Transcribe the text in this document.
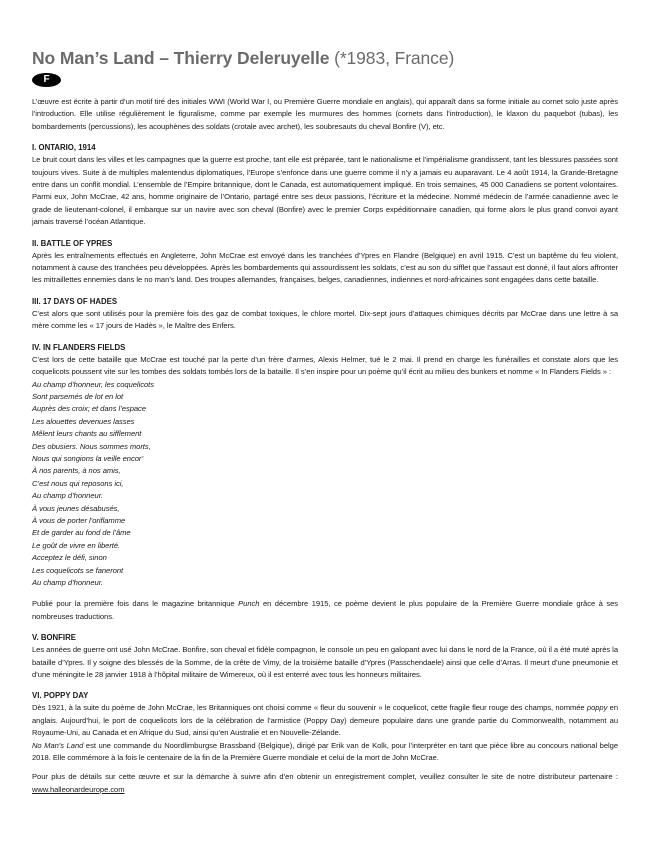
No Man’s Land – Thierry Deleruyelle (*1983, France)
F

L’œuvre est écrite à partir d’un motif tiré des initiales WWI (World War I, ou Première Guerre mondiale en anglais), qui apparaît dans sa forme initiale au cornet solo juste après l’introduction. Elle utilise régulièrement le figuralisme, comme par exemple les murmures des hommes (cornets dans l’introduction), le klaxon du paquebot (tubas), les bombardements (percussions), les acouphènes des soldats (crotale avec archet), les soubresauts du cheval Bonfire (V), etc.

I. ONTARIO, 1914

Le bruit court dans les villes et les campagnes que la guerre est proche, tant elle est préparée, tant le nationalisme et l’impérialisme grandissent, tant les blessures passées sont toujours vives. Suite à de multiples malentendus diplomatiques, l’Europe s’enfonce dans une guerre comme il n’y a jamais eu auparavant. Le 4 août 1914, la Grande-Bretagne entre dans un conflit mondial. L’ensemble de l’Empire britannique, dont le Canada, est automatiquement impliqué. En trois semaines, 45 000 Canadiens se portent volontaires. Parmi eux, John McCrae, 42 ans, homme originaire de l’Ontario, partagé entre ses deux passions, l’écriture et la médecine. Nommé médecin de l’armée canadienne avec le grade de lieutenant-colonel, il embarque sur un navire avec son cheval (Bonfire) avec le premier Corps expéditionnaire canadien, qui forme alors le plus grand convoi ayant jamais traversé l’océan Atlantique.

II. BATTLE OF YPRES

Après les entraînements effectués en Angleterre, John McCrae est envoyé dans les tranchées d’Ypres en Flandre (Belgique) en avril 1915. C’est un baptême du feu violent, notamment à cause des tranchées peu développées. Après les bombardements qui assourdissent les soldats, c’est au son du sifflet que l’assaut est donné, il faut alors affronter les mitraillettes ennemies dans le no man’s land. Des troupes allemandes, françaises, belges, canadiennes, indiennes et nord-africaines sont engagées dans cette bataille.

III. 17 DAYS OF HADES

C’est alors que sont utilisés pour la première fois des gaz de combat toxiques, le chlore mortel. Dix-sept jours d’attaques chimiques décrits par McCrae dans une lettre à sa mère comme les « 17 jours de Hadès », le Maître des Enfers.

IV. IN FLANDERS FIELDS

C’est lors de cette bataille que McCrae est touché par la perte d’un frère d’armes, Alexis Helmer, tué le 2 mai. Il prend en charge les funérailles et constate alors que les coquelicots poussent vite sur les tombes des soldats tombés lors de la bataille. Il s’en inspire pour un poème qu’il écrit au milieu des bunkers et nomme « In Flanders Fields » :

Au champ d’honneur, les coquelicots
Sont parsemés de lot en lot
Auprès des croix; et dans l’espace
Les alouettes devenues lasses
Mêlent leurs chants au sifflement
Des obusiers. Nous sommes morts,
Nous qui songions la veille encor’
À nos parents, à nos amis,
C’est nous qui reposons ici,
Au champ d’honneur.
À vous jeunes désabusés,
À vous de porter l’oriflamme
Et de garder au fond de l’âme
Le goût de vivre en liberté.
Acceptez le défi, sinon
Les coquelicots se faneront
Au champ d’honneur.

Publié pour la première fois dans le magazine britannique Punch en décembre 1915, ce poème devient le plus populaire de la Première Guerre mondiale grâce à ses nombreuses traductions.

V. BONFIRE

Les années de guerre ont usé John McCrae. Bonfire, son cheval et fidèle compagnon, le console un peu en galopant avec lui dans le nord de la France, où il a été muté après la bataille d’Ypres. Il y soigne des blessés de la Somme, de la crête de Vimy, de la troisième bataille d’Ypres (Passchendaele) ainsi que celle d’Arras. Il meurt d’une pneumonie et d’une méningite le 28 janvier 1918 à l’hôpital militaire de Wimereux, où il est enterré avec tous les honneurs militaires.

VI. POPPY DAY

Dès 1921, à la suite du poème de John McCrae, les Britanniques ont choisi comme « fleur du souvenir » le coquelicot, cette fragile fleur rouge des champs, nommée poppy en anglais. Aujourd’hui, le port de coquelicots lors de la célébration de l’armistice (Poppy Day) demeure populaire dans une grande partie du Commonwealth, notamment au Royaume-Uni, au Canada et en Afrique du Sud, ainsi qu’en Australie et en Nouvelle-Zélande.

No Man’s Land est une commande du Noordlimburgse Brassband (Belgique), dirigé par Erik van de Kolk, pour l’interpréter en tant que pièce libre au concours national belge 2018. Elle commémore à la fois le centenaire de la fin de la Première Guerre mondiale et celui de la mort de John McCrae.

Pour plus de détails sur cette œuvre et sur la démarche à suivre afin d’en obtenir un enregistrement complet, veuillez consulter le site de notre distributeur partenaire : www.halleonardeurope.com
